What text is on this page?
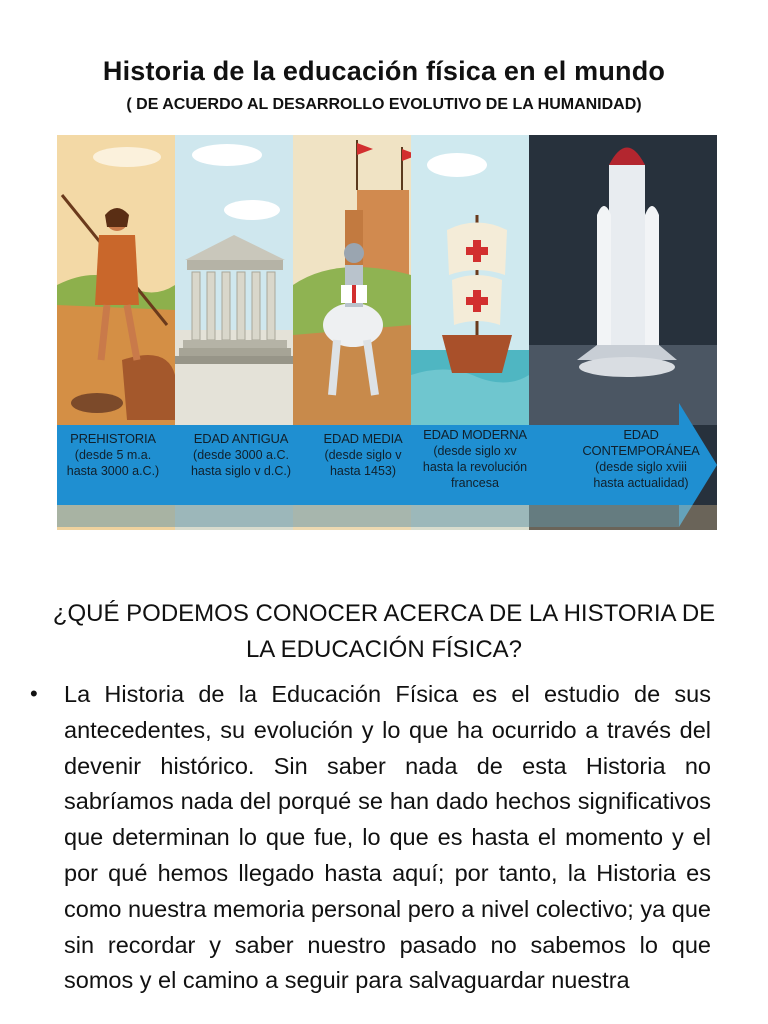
Historia de la educación física en el mundo
( DE ACUERDO AL DESARROLLO EVOLUTIVO DE LA HUMANIDAD)
PREHISTORIA
(desde 5 m.a.
hasta 3000 a.C.)
EDAD ANTIGUA
(desde 3000 a.C.
hasta siglo v d.C.)
EDAD MEDIA
(desde siglo v
hasta 1453)
EDAD MODERNA
(desde siglo xv
hasta la revolución
francesa
EDAD
CONTEMPORÁNEA
(desde siglo xviii
hasta actualidad)
¿QUÉ PODEMOS CONOCER ACERCA DE LA HISTORIA DE LA EDUCACIÓN FÍSICA?
• La Historia de la Educación Física es el estudio de sus antecedentes, su evolución y lo que ha ocurrido a través del devenir histórico. Sin saber nada de esta Historia no sabríamos nada del porqué se han dado hechos significativos que determinan lo que fue, lo que es hasta el momento y el por qué hemos llegado hasta aquí; por tanto, la Historia es como nuestra memoria personal pero a nivel colectivo; ya que sin recordar y saber nuestro pasado no sabemos lo que somos y el camino a seguir para salvaguardar nuestra
